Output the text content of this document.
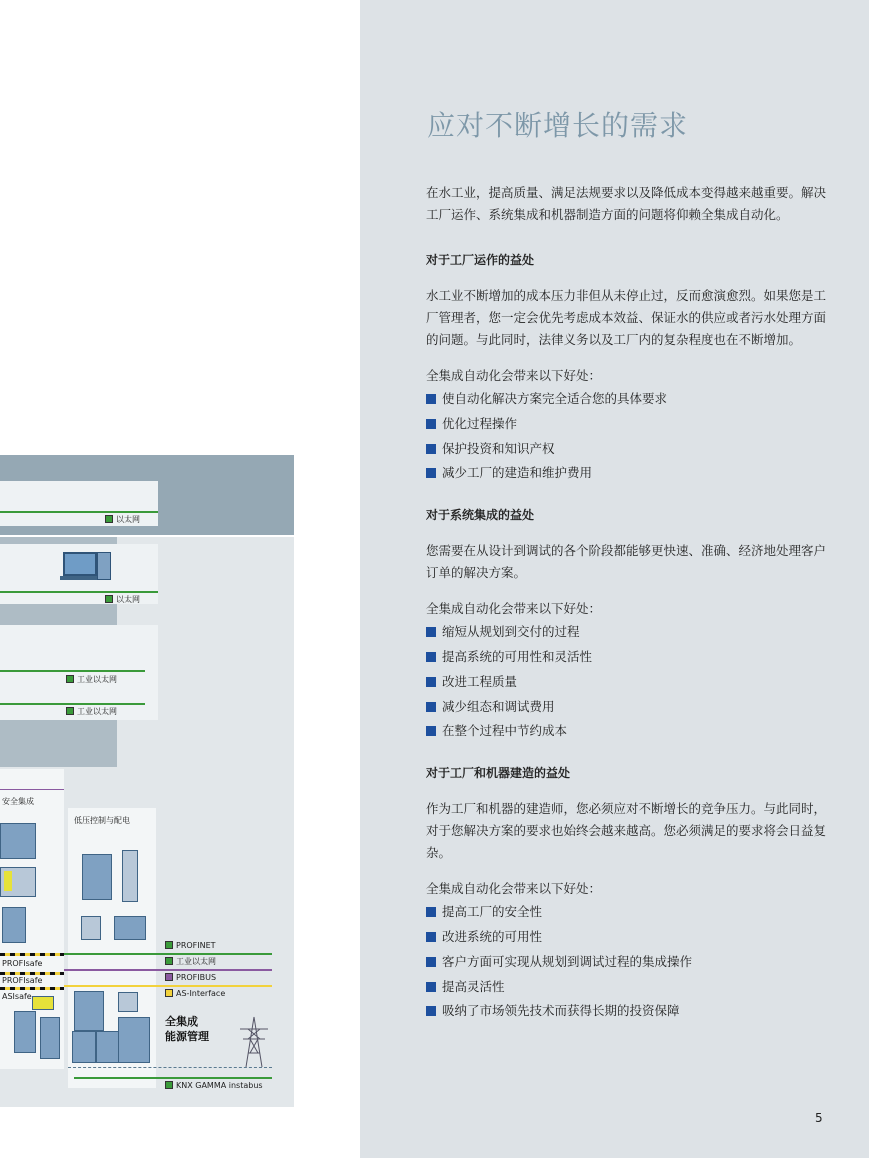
以太网
以太网
工业以太网
工业以太网
安全集成
PROFIsafe
PROFIsafe
ASIsafe
低压控制与配电
PROFINET
工业以太网
PROFIBUS
AS-Interface
KNX GAMMA instabus
全集成
能源管理
应对不断增长的需求

在水工业，提高质量、满足法规要求以及降低成本变得越来越重要。解决工厂运作、系统集成和机器制造方面的问题将仰赖全集成自动化。

对于工厂运作的益处

水工业不断增加的成本压力非但从未停止过，反而愈演愈烈。如果您是工厂管理者，您一定会优先考虑成本效益、保证水的供应或者污水处理方面的问题。与此同时，法律义务以及工厂内的复杂程度也在不断增加。

全集成自动化会带来以下好处：

使自动化解决方案完全适合您的具体要求
优化过程操作
保护投资和知识产权
减少工厂的建造和维护费用

对于系统集成的益处

您需要在从设计到调试的各个阶段都能够更快速、准确、经济地处理客户订单的解决方案。

全集成自动化会带来以下好处：

缩短从规划到交付的过程
提高系统的可用性和灵活性
改进工程质量
减少组态和调试费用
在整个过程中节约成本

对于工厂和机器建造的益处

作为工厂和机器的建造师，您必须应对不断增长的竞争压力。与此同时，对于您解决方案的要求也始终会越来越高。您必须满足的要求将会日益复杂。

全集成自动化会带来以下好处：

提高工厂的安全性
改进系统的可用性
客户方面可实现从规划到调试过程的集成操作
提高灵活性
吸纳了市场领先技术而获得长期的投资保障
5
